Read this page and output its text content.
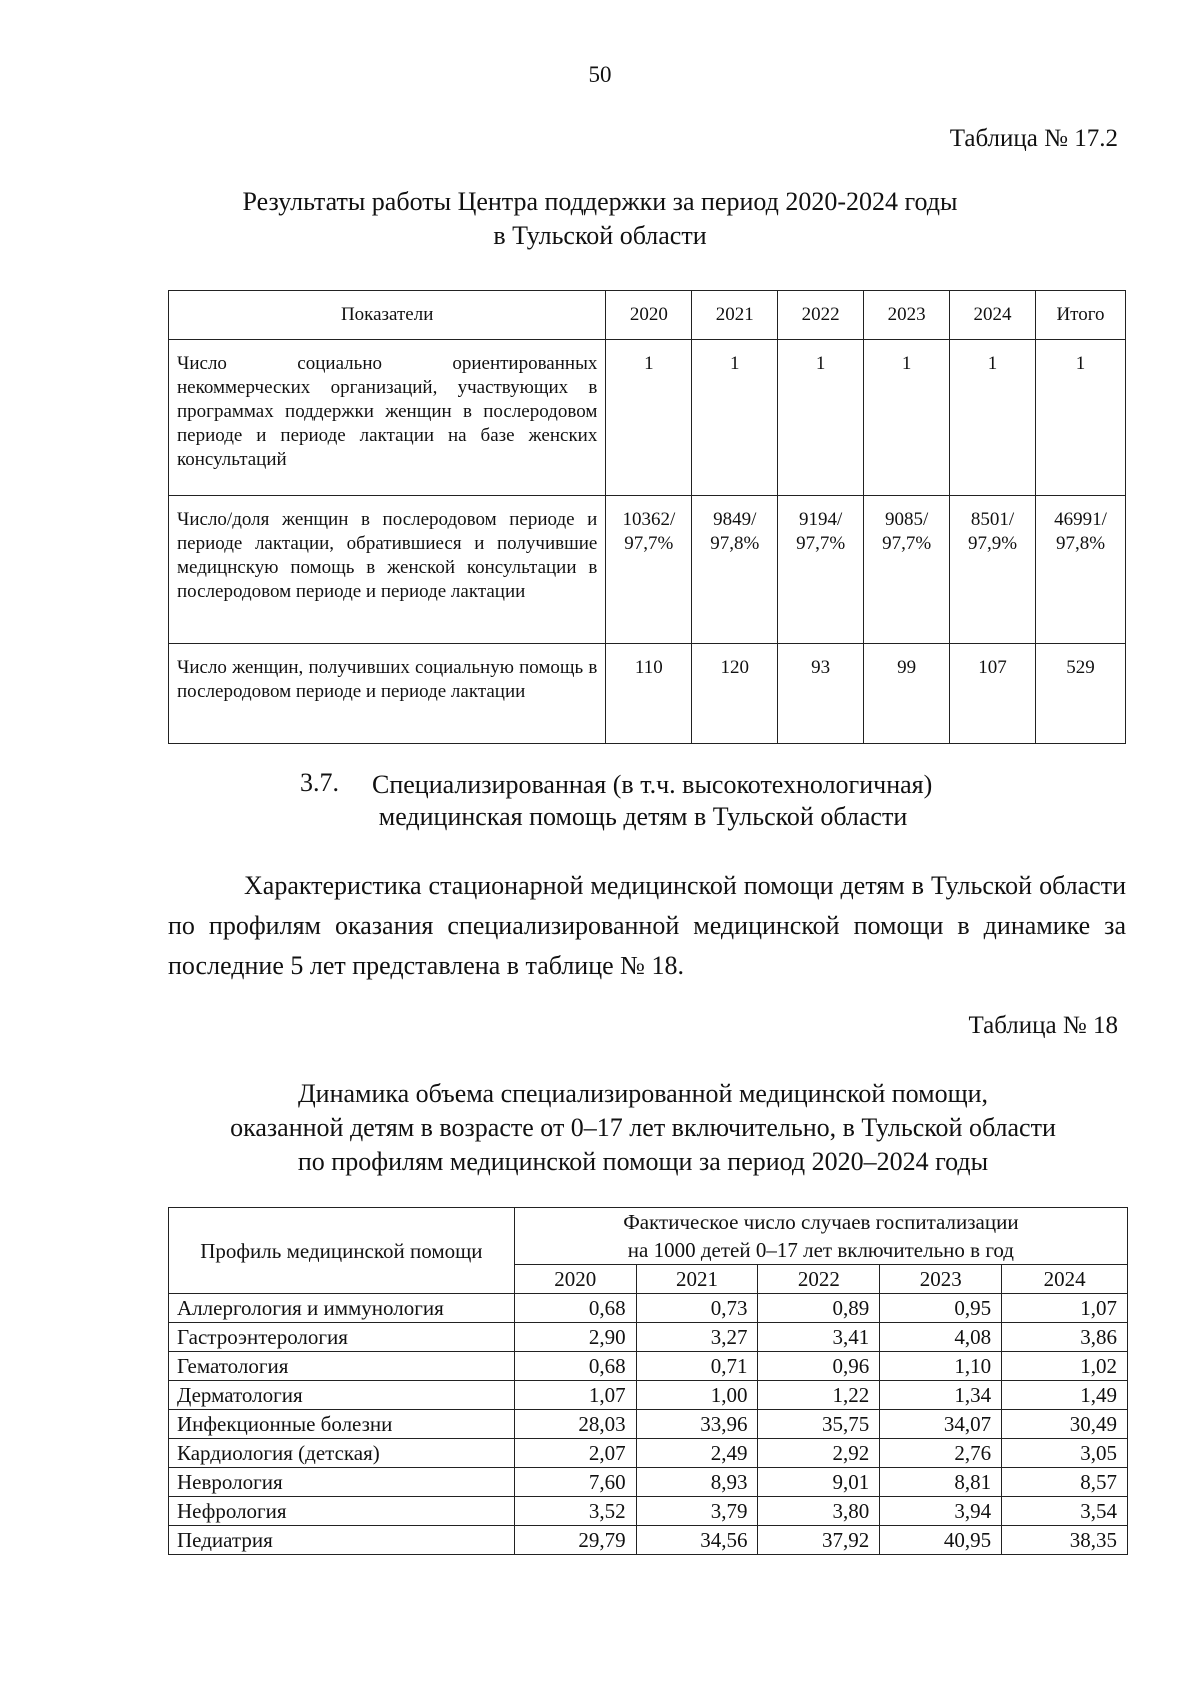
50
Таблица № 17.2
Результаты работы Центра поддержки за период 2020-2024 годы
в Тульской области
Показатели	2020	2021	2022	2023	2024	Итого
Число социально ориентированных некоммерческих организаций, участвующих в программах поддержки женщин в послеродовом периоде и периоде лактации на базе женских консультаций	1	1	1	1	1	1
Число/доля женщин в послеродовом периоде и периоде лактации, обратившиеся и получившие медицнскую помощь в женской консультации в послеродовом периоде и периоде лактации	10362/ 97,7%	9849/ 97,8%	9194/ 97,7%	9085/ 97,7%	8501/ 97,9%	46991/ 97,8%
Число женщин, получивших социальную помощь в послеродовом периоде и периоде лактации	110	120	93	99	107	529
3.7. Специализированная (в т.ч. высокотехнологичная)
медицинская помощь детям в Тульской области
Характеристика стационарной медицинской помощи детям в Тульской области по профилям оказания специализированной медицинской помощи в динамике за последние 5 лет представлена в таблице № 18.
Таблица № 18
Динамика объема специализированной медицинской помощи,
оказанной детям в возрасте от 0–17 лет включительно, в Тульской области
по профилям медицинской помощи за период 2020–2024 годы
Профиль медицинской помощи	Фактическое число случаев госпитализации
на 1000 детей 0–17 лет включительно в год				

	2020	2021	2022	2023	2024
Аллергология и иммунология	0,68	0,73	0,89	0,95	1,07
Гастроэнтерология	2,90	3,27	3,41	4,08	3,86
Гематология	0,68	0,71	0,96	1,10	1,02
Дерматология	1,07	1,00	1,22	1,34	1,49
Инфекционные болезни	28,03	33,96	35,75	34,07	30,49
Кардиология (детская)	2,07	2,49	2,92	2,76	3,05
Неврология	7,60	8,93	9,01	8,81	8,57
Нефрология	3,52	3,79	3,80	3,94	3,54
Педиатрия	29,79	34,56	37,92	40,95	38,35
